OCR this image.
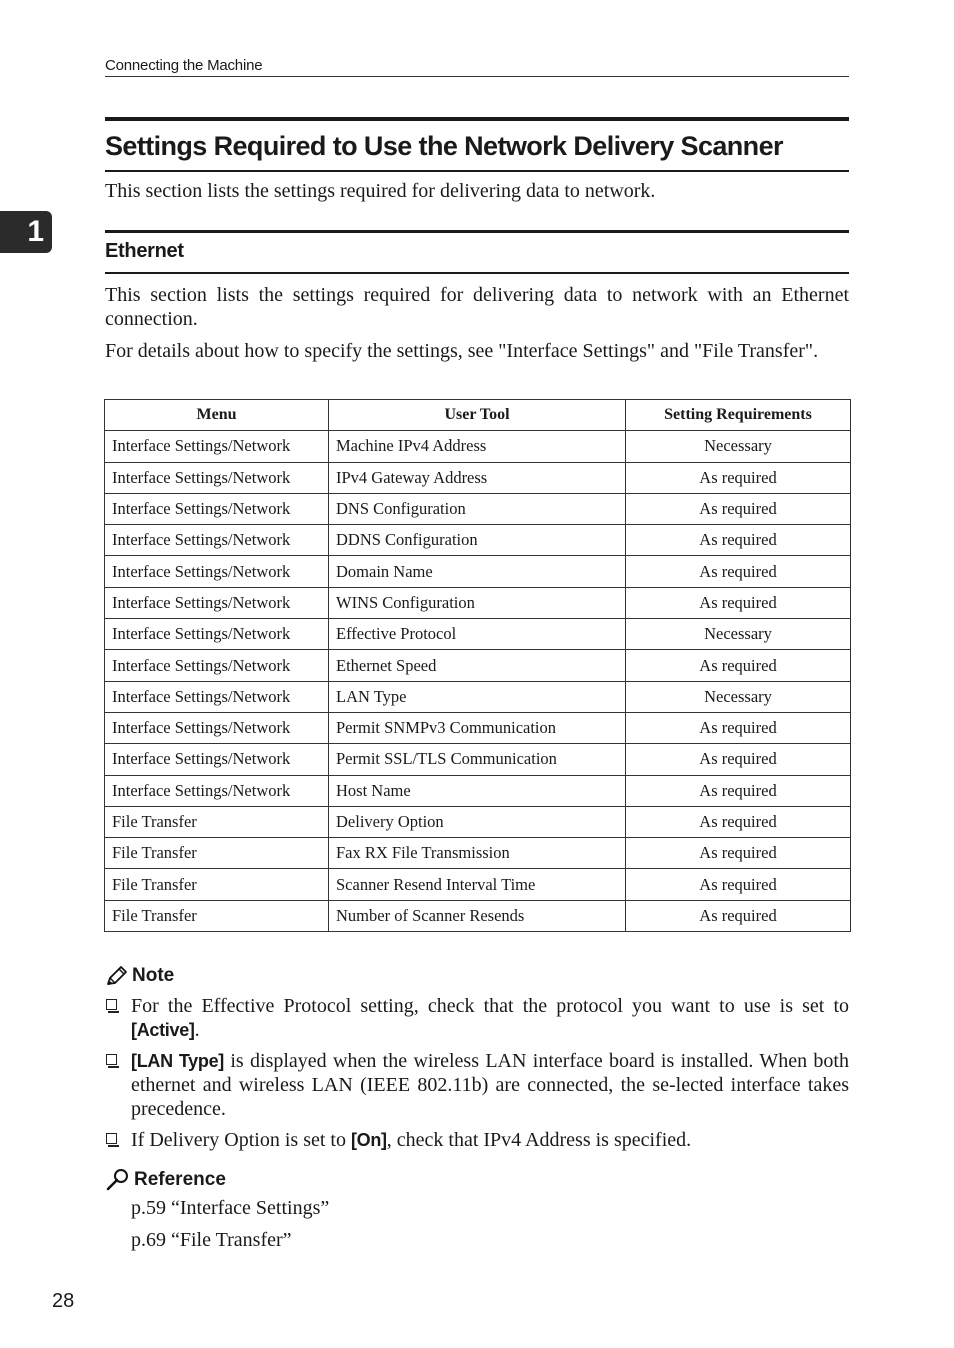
Connecting the Machine
1
Settings Required to Use the Network Delivery Scanner
This section lists the settings required for delivering data to network.
Ethernet
This section lists the settings required for delivering data to network with an Ethernet connection.
For details about how to specify the settings, see "Interface Settings" and "File Transfer".
Menu	User Tool	Setting Requirements
Interface Settings/Network	Machine IPv4 Address	Necessary
Interface Settings/Network	IPv4 Gateway Address	As required
Interface Settings/Network	DNS Configuration	As required
Interface Settings/Network	DDNS Configuration	As required
Interface Settings/Network	Domain Name	As required
Interface Settings/Network	WINS Configuration	As required
Interface Settings/Network	Effective Protocol	Necessary
Interface Settings/Network	Ethernet Speed	As required
Interface Settings/Network	LAN Type	Necessary
Interface Settings/Network	Permit SNMPv3 Communication	As required
Interface Settings/Network	Permit SSL/TLS Communication	As required
Interface Settings/Network	Host Name	As required
File Transfer	Delivery Option	As required
File Transfer	Fax RX File Transmission	As required
File Transfer	Scanner Resend Interval Time	As required
File Transfer	Number of Scanner Resends	As required
Note
For the Effective Protocol setting, check that the protocol you want to use is set to [Active].
[LAN Type] is displayed when the wireless LAN interface board is installed. When both ethernet and wireless LAN (IEEE 802.11b) are connected, the se-lected interface takes precedence.
If Delivery Option is set to [On], check that IPv4 Address is specified.
Reference
p.59 “Interface Settings”
p.69 “File Transfer”
28
